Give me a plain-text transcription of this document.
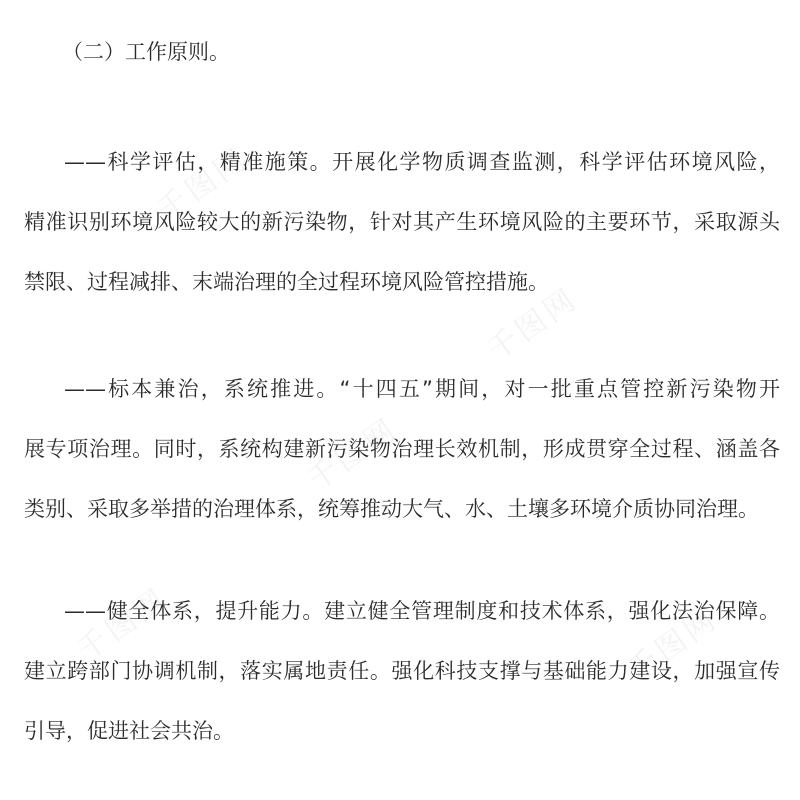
千图网
千图网
千图网
千图网
千图网
（二）工作原则。
——科学评估，精准施策。开展化学物质调查监测，科学评估环境风险，
精准识别环境风险较大的新污染物，针对其产生环境风险的主要环节，采取源头
禁限、过程减排、末端治理的全过程环境风险管控措施。
——标本兼治，系统推进。“十四五”期间，对一批重点管控新污染物开
展专项治理。同时，系统构建新污染物治理长效机制，形成贯穿全过程、涵盖各
类别、采取多举措的治理体系，统筹推动大气、水、土壤多环境介质协同治理。
——健全体系，提升能力。建立健全管理制度和技术体系，强化法治保障。
建立跨部门协调机制，落实属地责任。强化科技支撑与基础能力建设，加强宣传
引导，促进社会共治。
